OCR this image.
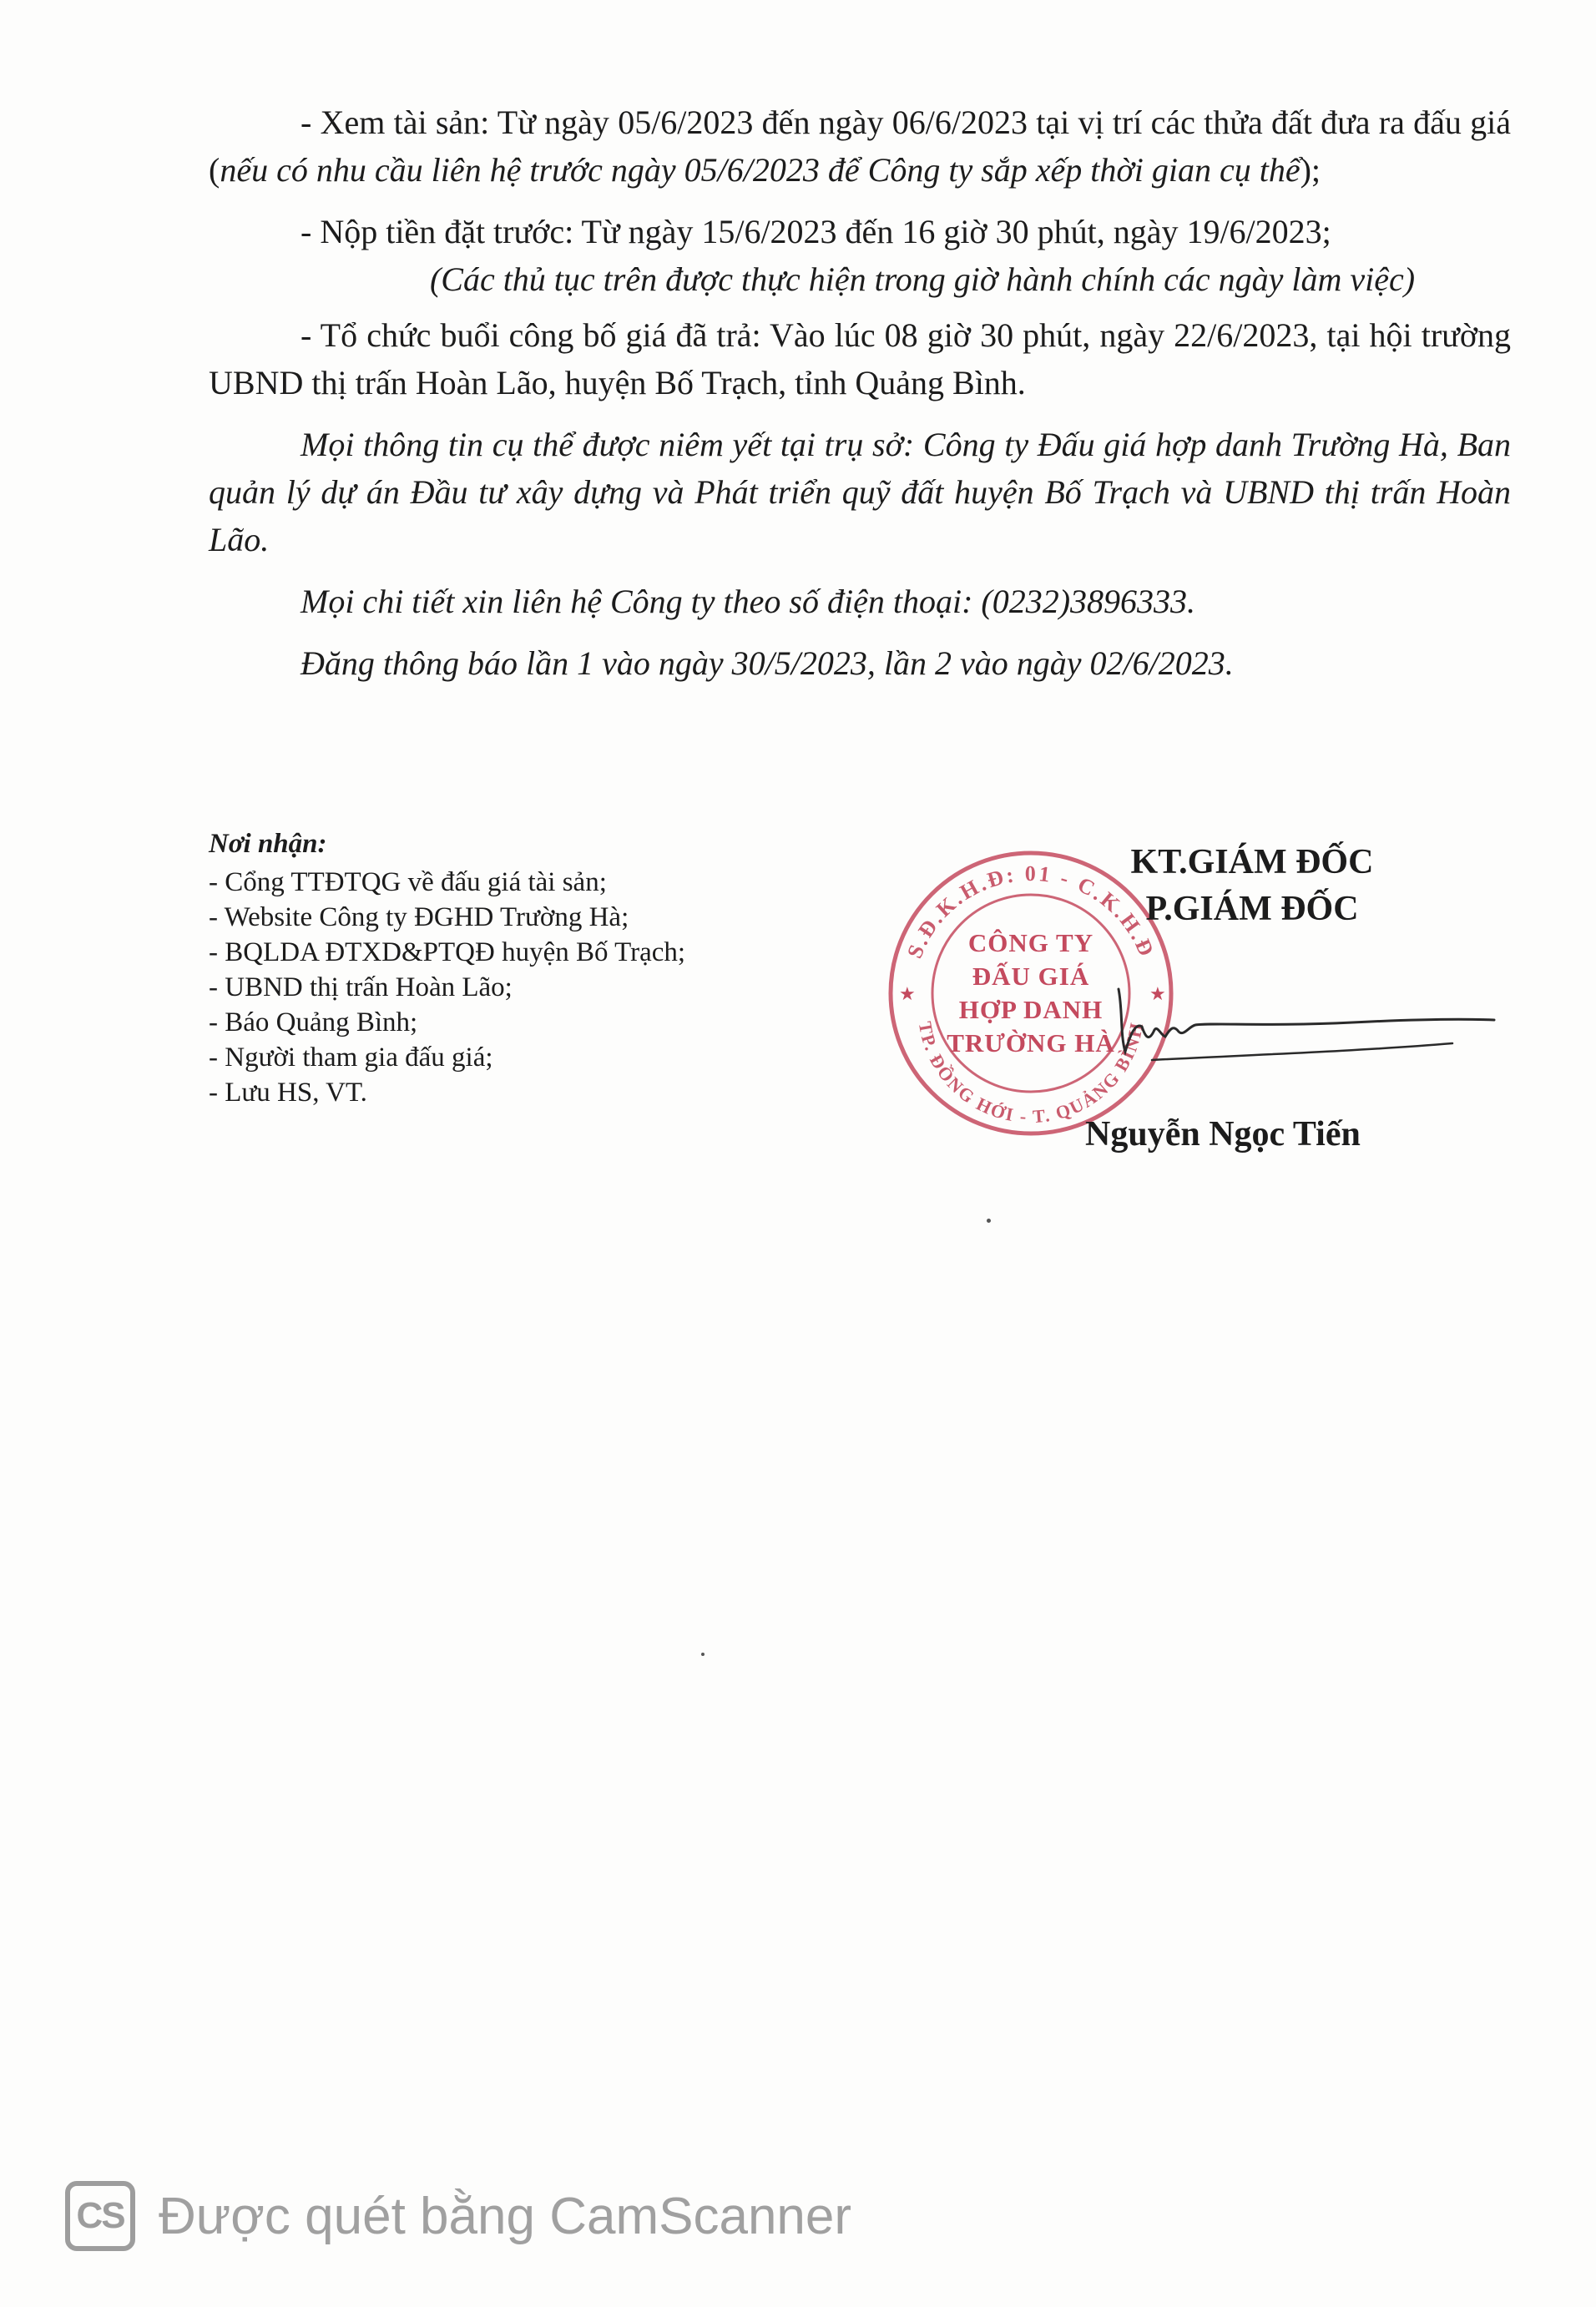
- Xem tài sản: Từ ngày 05/6/2023 đến ngày 06/6/2023 tại vị trí các thửa đất đưa ra đấu giá (nếu có nhu cầu liên hệ trước ngày 05/6/2023 để Công ty sắp xếp thời gian cụ thể);

- Nộp tiền đặt trước: Từ ngày 15/6/2023 đến 16 giờ 30 phút, ngày 19/6/2023;

(Các thủ tục trên được thực hiện trong giờ hành chính các ngày làm việc)

- Tổ chức buổi công bố giá đã trả: Vào lúc 08 giờ 30 phút, ngày 22/6/2023, tại hội trường UBND thị trấn Hoàn Lão, huyện Bố Trạch, tỉnh Quảng Bình.

Mọi thông tin cụ thể được niêm yết tại trụ sở: Công ty Đấu giá hợp danh Trường Hà, Ban quản lý dự án Đầu tư xây dựng và Phát triển quỹ đất huyện Bố Trạch và UBND thị trấn Hoàn Lão.

Mọi chi tiết xin liên hệ Công ty theo số điện thoại: (0232)3896333.

Đăng thông báo lần 1 vào ngày 30/5/2023, lần 2 vào ngày 02/6/2023.

Nơi nhận:

- Cổng TTĐTQG về đấu giá tài sản;
- Website Công ty ĐGHD Trường Hà;
- BQLDA ĐTXD&PTQĐ huyện Bố Trạch;
- UBND thị trấn Hoàn Lão;
- Báo Quảng Bình;
- Người tham gia đấu giá;
- Lưu HS, VT.
S.Đ.K.H.Đ: 01 - C.K.H.Đ
TP. ĐỒNG HỚI - T. QUẢNG BÌNH
★	★
CÔNG TY
ĐẤU GIÁ
HỢP DANH
TRƯỜNG HÀ
KT.GIÁM ĐỐC
P.GIÁM ĐỐC
Nguyễn Ngọc Tiến
CS Được quét bằng CamScanner
